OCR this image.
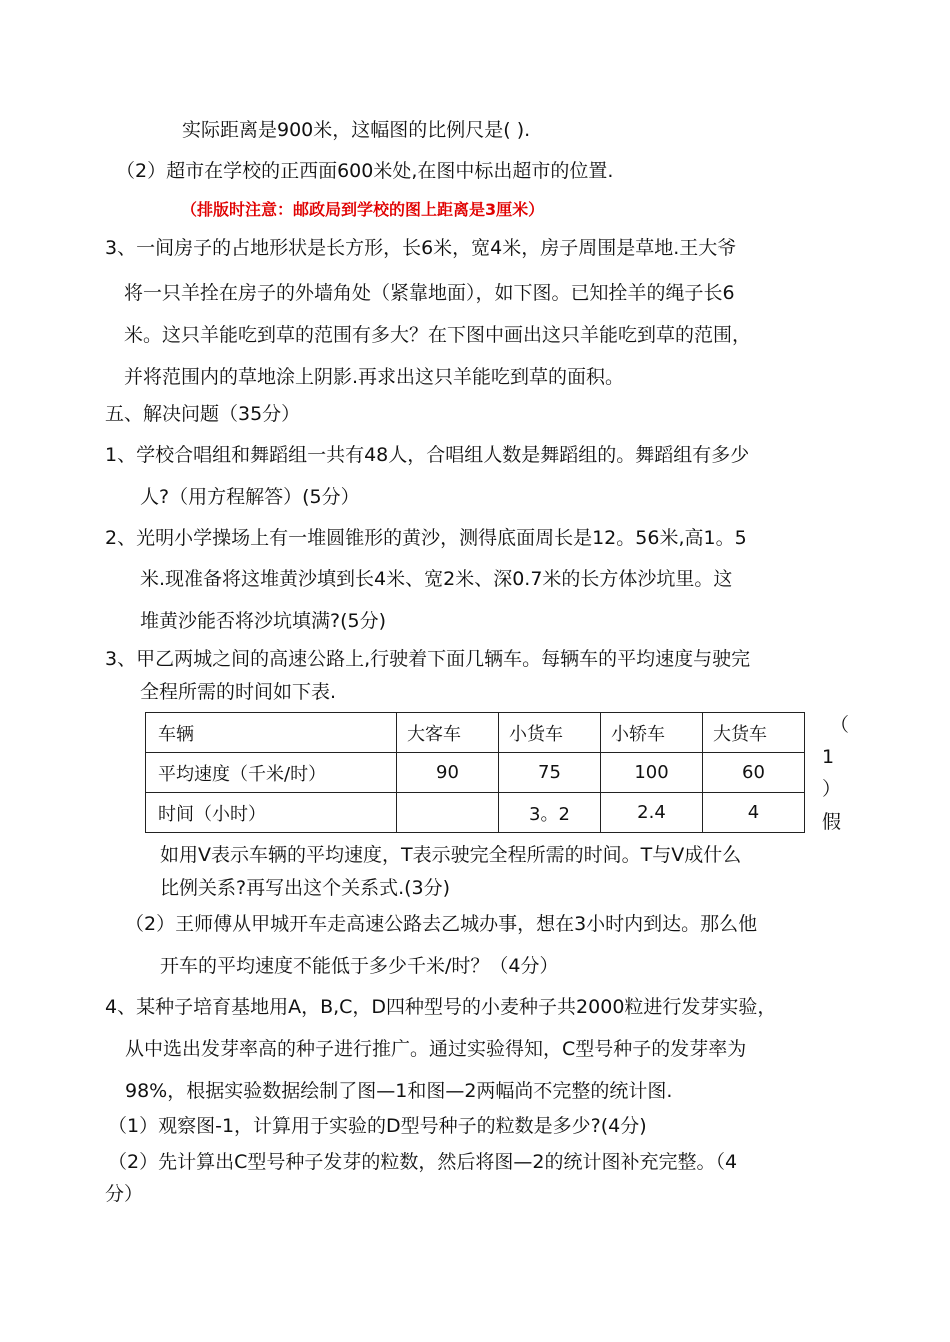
实际距离是900米，这幅图的比例尺是( ).
（2）超市在学校的正西面600米处,在图中标出超市的位置.
（排版时注意：邮政局到学校的图上距离是3厘米）
3、一间房子的占地形状是长方形，长6米，宽4米，房子周围是草地.王大爷
将一只羊拴在房子的外墙角处（紧靠地面），如下图。已知拴羊的绳子长6
米。这只羊能吃到草的范围有多大？在下图中画出这只羊能吃到草的范围，
并将范围内的草地涂上阴影.再求出这只羊能吃到草的面积。
五、解决问题（35分）
1、学校合唱组和舞蹈组一共有48人，合唱组人数是舞蹈组的。舞蹈组有多少
人?（用方程解答）(5分）
2、光明小学操场上有一堆圆锥形的黄沙，测得底面周长是12。56米,高1。5
米.现准备将这堆黄沙填到长4米、宽2米、深0.7米的长方体沙坑里。这
堆黄沙能否将沙坑填满?(5分)
3、甲乙两城之间的高速公路上,行驶着下面几辆车。每辆车的平均速度与驶完
全程所需的时间如下表.
车辆	大客车	小货车	小轿车	大货车
平均速度（千米/时）	90	75	100	60
时间（小时）		3。2	2.4	4
（
1
）
假
如用V表示车辆的平均速度，T表示驶完全程所需的时间。T与V成什么
比例关系?再写出这个关系式.(3分)
（2）王师傅从甲城开车走高速公路去乙城办事，想在3小时内到达。那么他
开车的平均速度不能低于多少千米/时？（4分）
4、某种子培育基地用A，B,C，D四种型号的小麦种子共2000粒进行发芽实验，
从中选出发芽率高的种子进行推广。通过实验得知，C型号种子的发芽率为
98%，根据实验数据绘制了图—1和图—2两幅尚不完整的统计图.
（1）观察图-1，计算用于实验的D型号种子的粒数是多少?(4分)
（2）先计算出C型号种子发芽的粒数，然后将图—2的统计图补充完整。（4
分）
